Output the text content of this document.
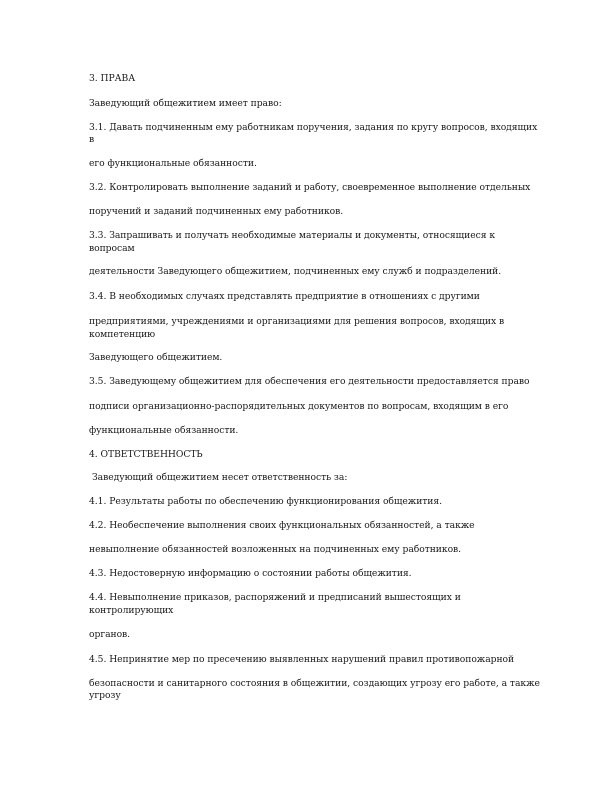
3. ПРАВА
Заведующий общежитием имеет право:
3.1. Давать подчиненным ему работникам поручения, задания по кругу вопросов, входящих
в
его функциональные обязанности.
3.2. Контролировать выполнение заданий и работу, своевременное выполнение отдельных
поручений и заданий подчиненных ему работников.
3.3. Запрашивать и получать необходимые материалы и документы, относящиеся к
вопросам
деятельности Заведующего общежитием, подчиненных ему служб и подразделений.
3.4. В необходимых случаях представлять предприятие в отношениях с другими
предприятиями, учреждениями и организациями для решения вопросов, входящих в
компетенцию
Заведующего общежитием.
3.5. Заведующему общежитием для обеспечения его деятельности предоставляется право
подписи организационно-распорядительных документов по вопросам, входящим в его
функциональные обязанности.
4. ОТВЕТСТВЕННОСТЬ
Заведующий общежитием несет ответственность за:
4.1. Результаты работы по обеспечению функционирования общежития.
4.2. Необеспечение выполнения своих функциональных обязанностей, а также
невыполнение обязанностей возложенных на подчиненных ему работников.
4.3. Недостоверную информацию о состоянии работы общежития.
4.4. Невыполнение приказов, распоряжений и предписаний вышестоящих и
контролирующих
органов.
4.5. Непринятие мер по пресечению выявленных нарушений правил противопожарной
безопасности и санитарного состояния в общежитии, создающих угрозу его работе, а также
угрозу
